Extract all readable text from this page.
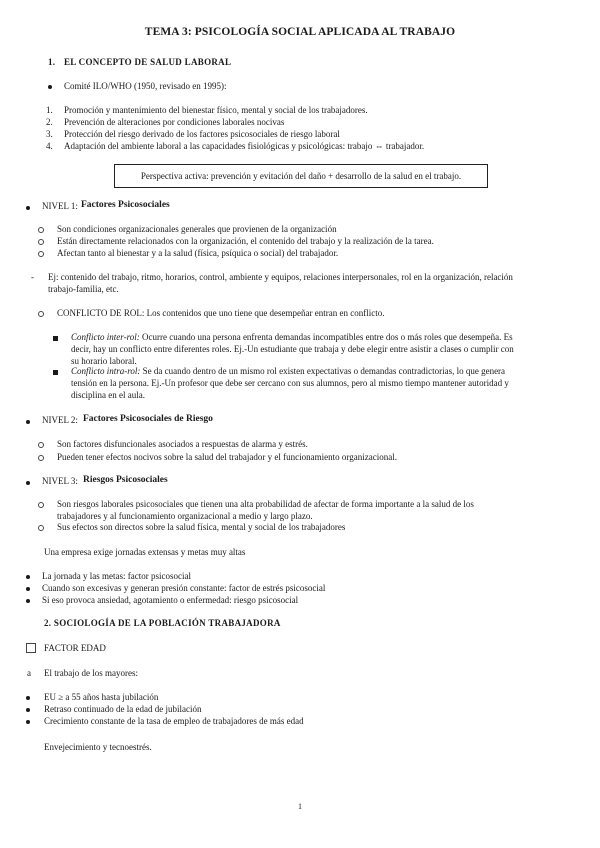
TEMA 3: PSICOLOGÍA SOCIAL APLICADA AL TRABAJO
1. EL CONCEPTO DE SALUD LABORAL
Comité ILO/WHO (1950, revisado en 1995):
1. Promoción y mantenimiento del bienestar físico, mental y social de los trabajadores.
2. Prevención de alteraciones por condiciones laborales nocivas
3. Protección del riesgo derivado de los factores psicosociales de riesgo laboral
4. Adaptación del ambiente laboral a las capacidades fisiológicas y psicológicas: trabajo ⇔ trabajador.
Perspectiva activa: prevención y evitación del daño + desarrollo de la salud en el trabajo.
NIVEL 1: Factores Psicosociales
Son condiciones organizacionales generales que provienen de la organización
Están directamente relacionados con la organización, el contenido del trabajo y la realización de la tarea.
Afectan tanto al bienestar y a la salud (física, psíquica o social) del trabajador.
- Ej: contenido del trabajo, ritmo, horarios, control, ambiente y equipos, relaciones interpersonales, rol en la organización, relación
trabajo-familia, etc.
CONFLICTO DE ROL: Los contenidos que uno tiene que desempeñar entran en conflicto.
Conflicto inter-rol: Ocurre cuando una persona enfrenta demandas incompatibles entre dos o más roles que desempeña. Es
decir, hay un conflicto entre diferentes roles. Ej.-Un estudiante que trabaja y debe elegir entre asistir a clases o cumplir con
su horario laboral.
Conflicto intra-rol: Se da cuando dentro de un mismo rol existen expectativas o demandas contradictorias, lo que genera
tensión en la persona. Ej.-Un profesor que debe ser cercano con sus alumnos, pero al mismo tiempo mantener autoridad y
disciplina en el aula.
NIVEL 2: Factores Psicosociales de Riesgo
Son factores disfuncionales asociados a respuestas de alarma y estrés.
Pueden tener efectos nocivos sobre la salud del trabajador y el funcionamiento organizacional.
NIVEL 3: Riesgos Psicosociales
Son riesgos laborales psicosociales que tienen una alta probabilidad de afectar de forma importante a la salud de los
trabajadores y al funcionamiento organizacional a medio y largo plazo.
Sus efectos son directos sobre la salud física, mental y social de los trabajadores
Una empresa exige jornadas extensas y metas muy altas
La jornada y las metas: factor psicosocial
Cuando son excesivas y generan presión constante: factor de estrés psicosocial
Si eso provoca ansiedad, agotamiento o enfermedad: riesgo psicosocial
2. SOCIOLOGÍA DE LA POBLACIÓN TRABAJADORA
FACTOR EDAD
a El trabajo de los mayores:
EU ≥ a 55 años hasta jubilación
Retraso continuado de la edad de jubilación
Crecimiento constante de la tasa de empleo de trabajadores de más edad
Envejecimiento y tecnoestrés.
1
